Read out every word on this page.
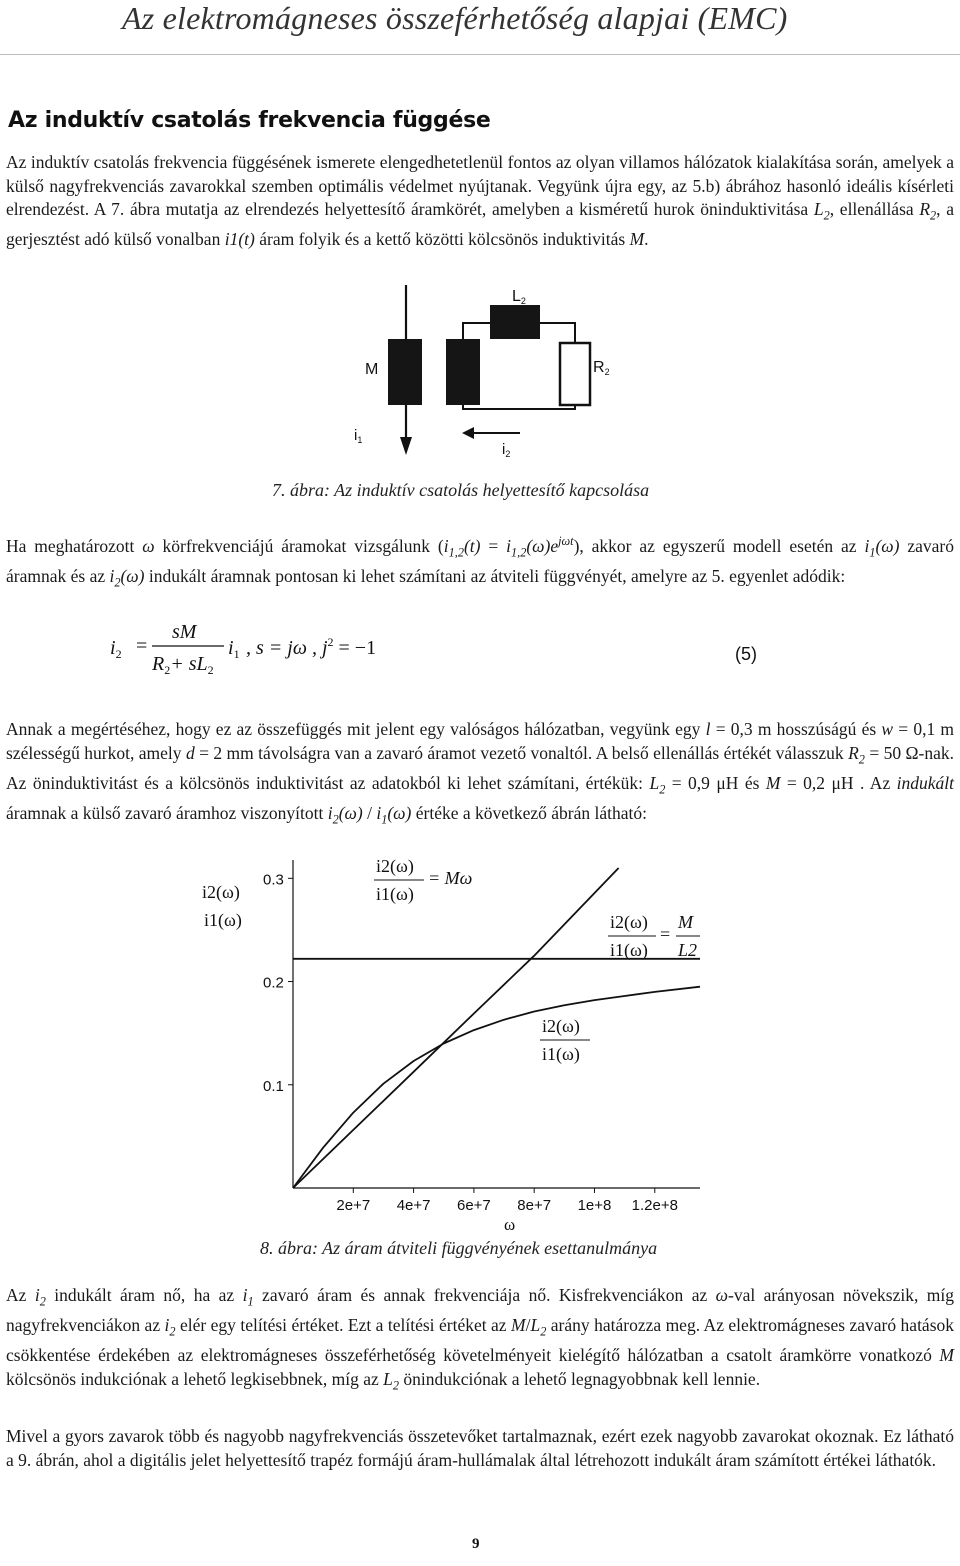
Az elektromágneses összeférhetőség alapjai (EMC)
Az induktív csatolás frekvencia függése
Az induktív csatolás frekvencia függésének ismerete elengedhetetlenül fontos az olyan villamos hálózatok kialakítása során, amelyek a külső nagyfrekvenciás zavarokkal szemben optimális védelmet nyújtanak. Vegyünk újra egy, az 5.b) ábrához hasonló ideális kísérleti elrendezést. A 7. ábra mutatja az elrendezés helyettesítő áramkörét, amelyben a kisméretű hurok öninduktivitása $L_2$, ellenállása $R_2$, a gerjesztést adó külső vonalban i1(t) áram folyik és a kettő közötti kölcsönös induktivitás M.
L2
M	R2
$i_1$
$i_2$
7. ábra: Az induktív csatolás helyettesítő kapcsolása
Ha meghatározott ω körfrekvenciájú áramokat vizsgálunk $(i_{1,2}(t) = i_{1,2}(\omega)e^{j\omega t})$, akkor az egyszerű modell esetén az $i_1(\omega)$ zavaró áramnak és az $i_2(\omega)$ indukált áramnak pontosan ki lehet számítani az átviteli függvényét, amelyre az 5. egyenlet adódik:
$i_2$ =
sM
$R_2+ sL_2$
$i_1$ , s = jω , $j^2 = -1$	(5)
Annak a megértéséhez, hogy ez az összefüggés mit jelent egy valóságos hálózatban, vegyünk egy l = 0,3 m hosszúságú és w = 0,1 m szélességű hurkot, amely d = 2 mm távolságra van a zavaró áramot vezető vonaltól. A belső ellenállás értékét válasszuk $R_2 = 50$ Ω-nak. Az öninduktivitást és a kölcsönös induktivitást az adatokból ki lehet számítani, értékük: $L_2 = 0,9$ μH és M = 0,2 μH . Az indukált áramnak a külső zavaró áramhoz viszonyított $i_2(\omega) / i_1(\omega)$ értéke a következő ábrán látható:
0.1
0.2
0.3
2e+7 4e+7 6e+7 8e+7 1e+8 1.2e+8
i2(ω)
i1(ω)
i2(ω)
i1(ω)
= Mω
i2(ω)
i1(ω)
=
M
L2
i2(ω)
i1(ω)
ω
8. ábra: Az áram átviteli függvényének esettanulmánya
Az $i_2$ indukált áram nő, ha az $i_1$ zavaró áram és annak frekvenciája nő. Kisfrekvenciákon az ω-val arányosan növekszik, míg nagyfrekvenciákon az $i_2$ elér egy telítési értéket. Ezt a telítési értéket az $M/L_2$ arány határozza meg. Az elektromágneses zavaró hatások csökkentése érdekében az elektromágneses összeférhetőség követelményeit kielégítő hálózatban a csatolt áramkörre vonatkozó M kölcsönös indukciónak a lehető legkisebbnek, míg az $L_2$ önindukciónak a lehető legnagyobbnak kell lennie.
Mivel a gyors zavarok több és nagyobb nagyfrekvenciás összetevőket tartalmaznak, ezért ezek nagyobb zavarokat okoznak. Ez látható a 9. ábrán, ahol a digitális jelet helyettesítő trapéz formájú áram-hullámalak által létrehozott indukált áram számított értékei láthatók.
9
